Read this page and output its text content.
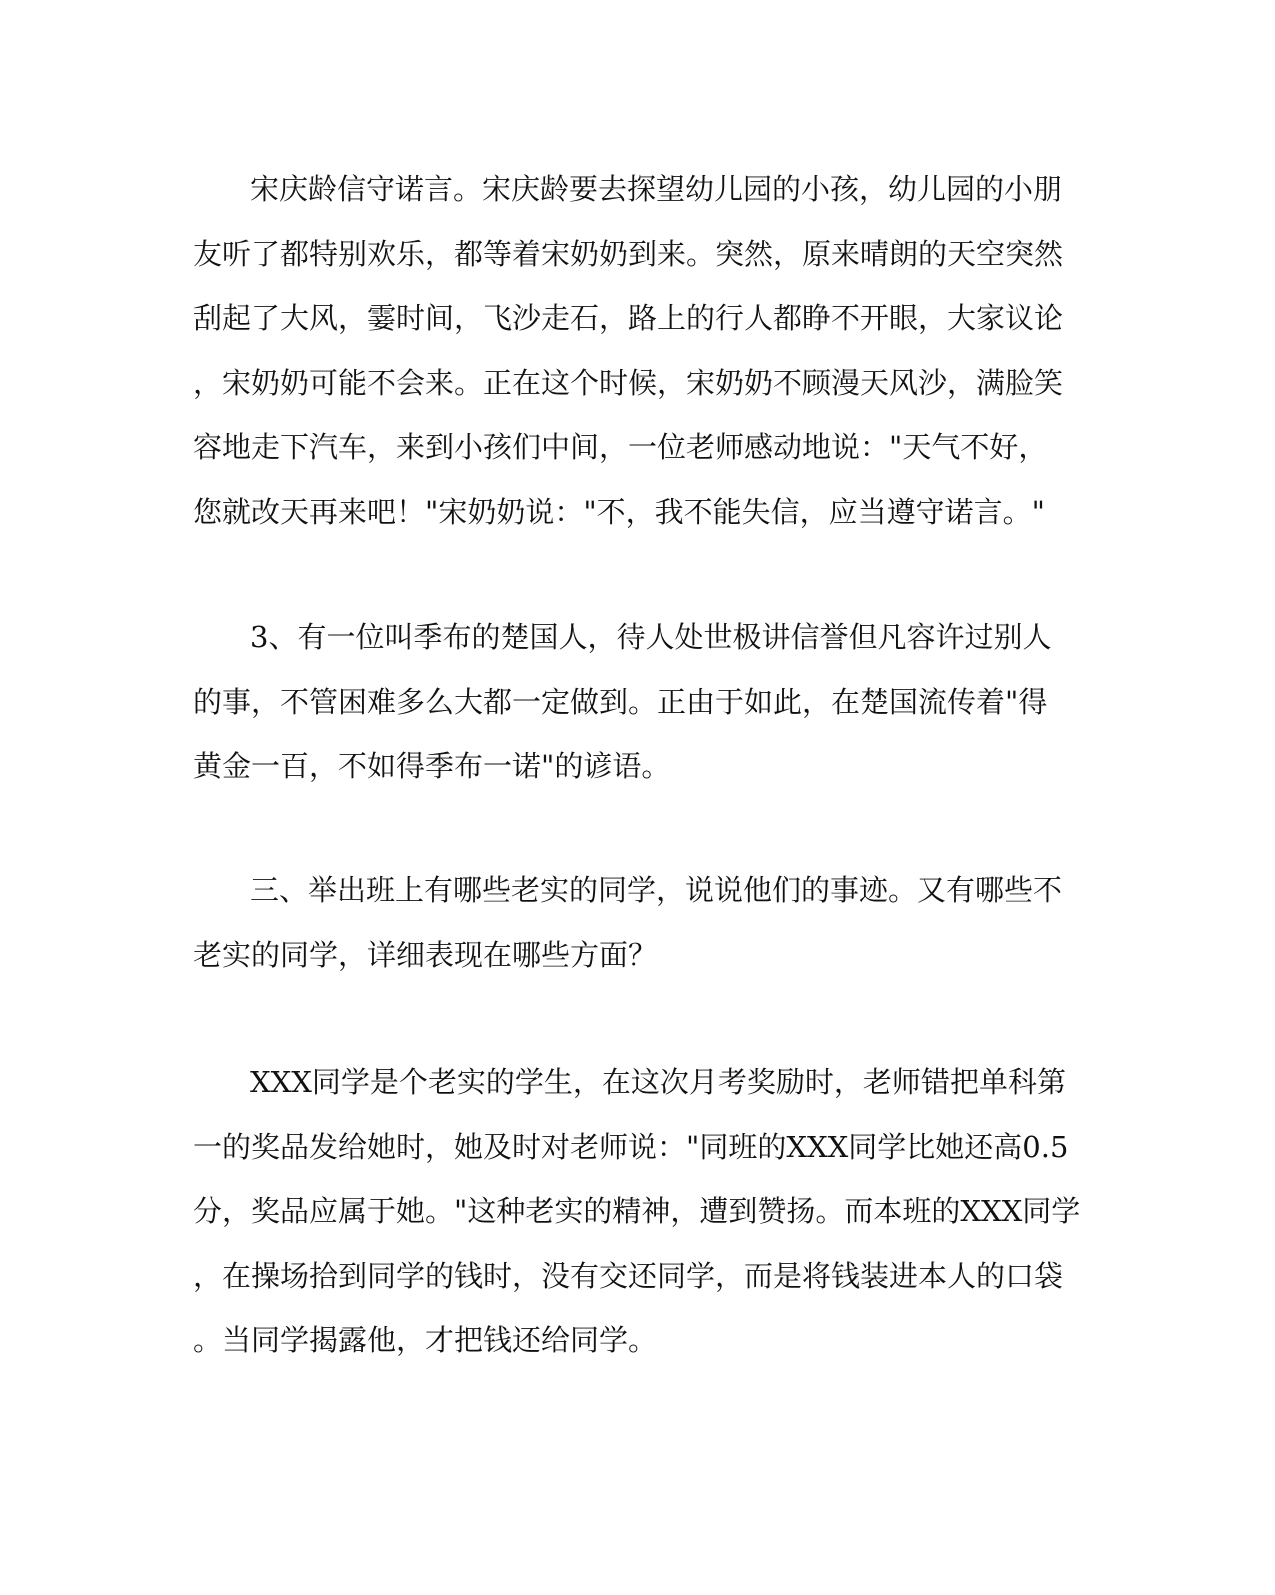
宋庆龄信守诺言。宋庆龄要去探望幼儿园的小孩，幼儿园的小朋
友听了都特别欢乐，都等着宋奶奶到来。突然，原来晴朗的天空突然
刮起了大风，霎时间，飞沙走石，路上的行人都睁不开眼，大家议论
，宋奶奶可能不会来。正在这个时候，宋奶奶不顾漫天风沙，满脸笑
容地走下汽车，来到小孩们中间，一位老师感动地说："天气不好，
您就改天再来吧！"宋奶奶说："不，我不能失信，应当遵守诺言。"
3、有一位叫季布的楚国人，待人处世极讲信誉但凡容许过别人
的事，不管困难多么大都一定做到。正由于如此，在楚国流传着"得
黄金一百，不如得季布一诺"的谚语。
三、举出班上有哪些老实的同学，说说他们的事迹。又有哪些不
老实的同学，详细表现在哪些方面？
XXX同学是个老实的学生，在这次月考奖励时，老师错把单科第
一的奖品发给她时，她及时对老师说："同班的XXX同学比她还高0.5
分，奖品应属于她。"这种老实的精神，遭到赞扬。而本班的XXX同学
，在操场拾到同学的钱时，没有交还同学，而是将钱装进本人的口袋
。当同学揭露他，才把钱还给同学。
